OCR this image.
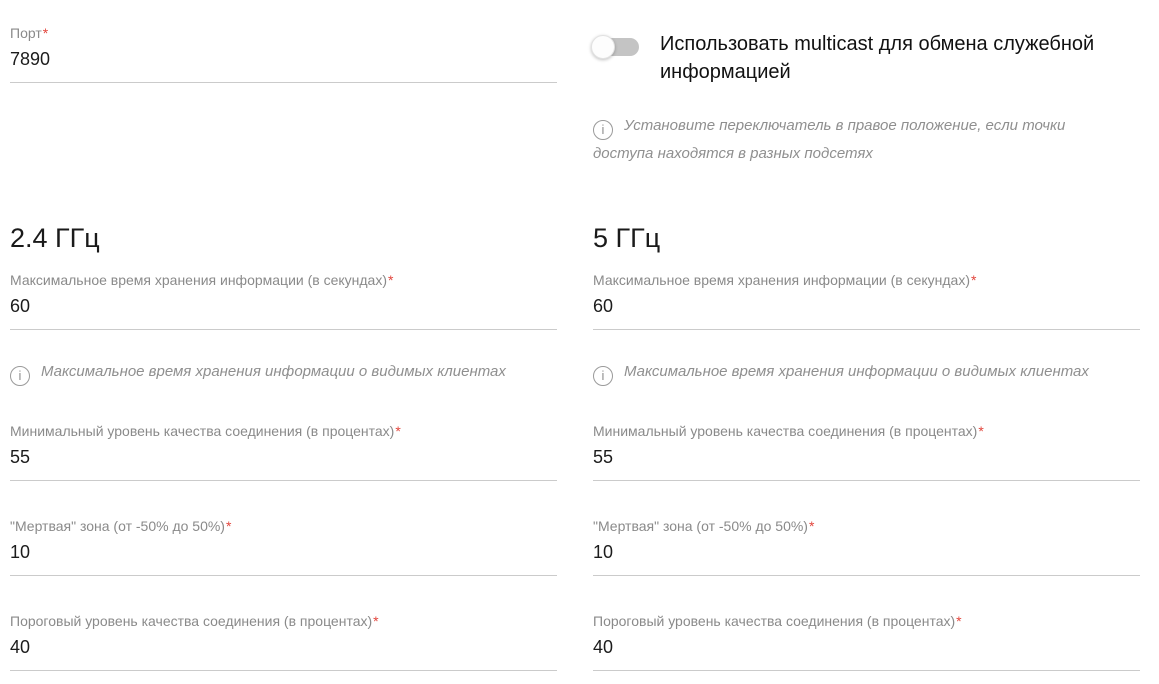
Порт*
7890	Использовать multicast для обмена служебной информацией

i Установите переключатель в правое положение, если точки доступа находятся в разных подсетях

2.4 ГГц
Максимальное время хранения информации (в секундах)*
60

i Максимальное время хранения информации о видимых клиентах

Минимальный уровень качества соединения (в процентах)*
55
"Мертвая" зона (от -50% до 50%)*
10
Пороговый уровень качества соединения (в процентах)*
40
5 ГГц
Максимальное время хранения информации (в секундах)*
60

i Максимальное время хранения информации о видимых клиентах

Минимальный уровень качества соединения (в процентах)*
55
"Мертвая" зона (от -50% до 50%)*
10
Пороговый уровень качества соединения (в процентах)*
40
